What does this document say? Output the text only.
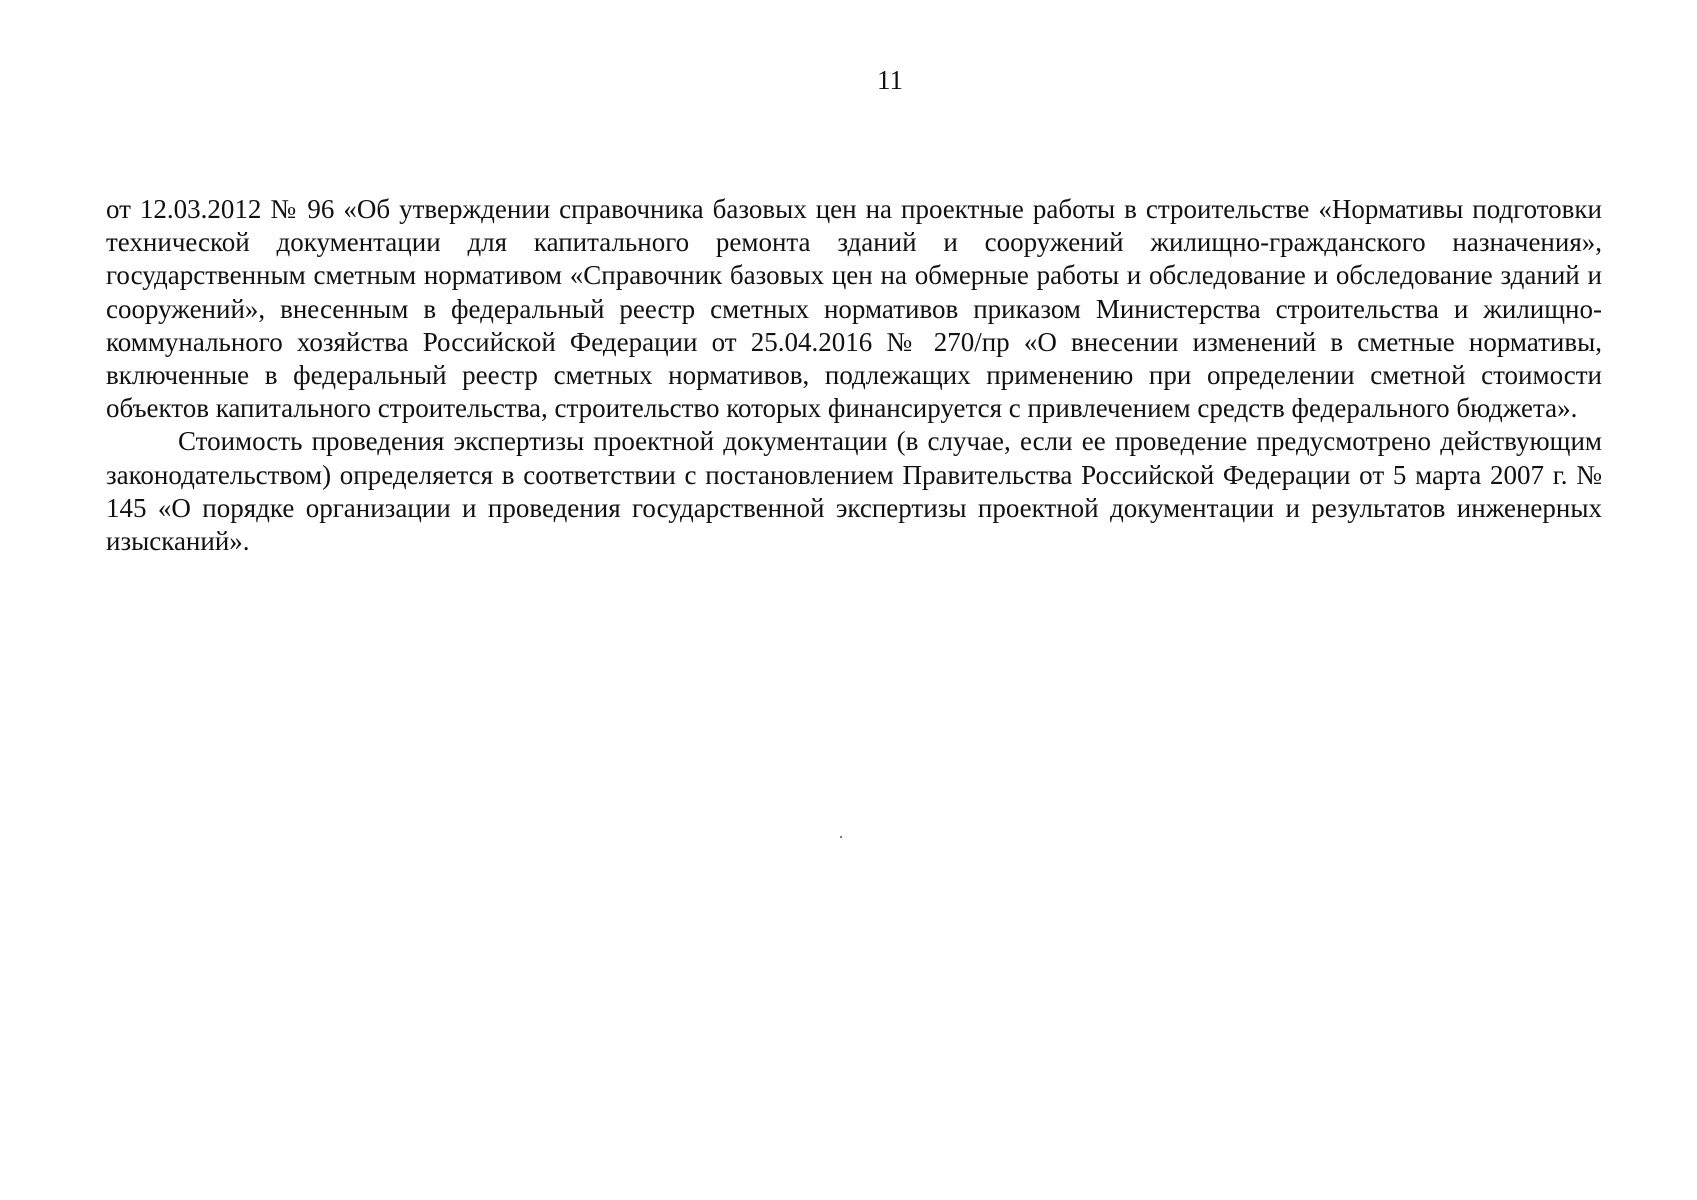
11

от 12.03.2012 № 96 «Об утверждении справочника базовых цен на проектные работы в строительстве «Нормативы подготовки технической документации для капитального ремонта зданий и сооружений жилищно-гражданского назначения», государственным сметным нормативом «Справочник базовых цен на обмерные работы и обследование и обследование зданий и сооружений», внесенным в федеральный реестр сметных нормативов приказом Министерства строительства и жилищно-коммунального хозяйства Российской Федерации от 25.04.2016 № 270/пр «О внесении изменений в сметные нормативы, включенные в федеральный реестр сметных нормативов, подлежащих применению при определении сметной стоимости объектов капитального строительства, строительство которых финансируется с привлечением средств федерального бюджета».

Стоимость проведения экспертизы проектной документации (в случае, если ее проведение предусмотрено действующим законодательством) определяется в соответствии с постановлением Правительства Российской Федерации от 5 марта 2007 г. № 145 «О порядке организации и проведения государственной экспертизы проектной документации и результатов инженерных изысканий».
